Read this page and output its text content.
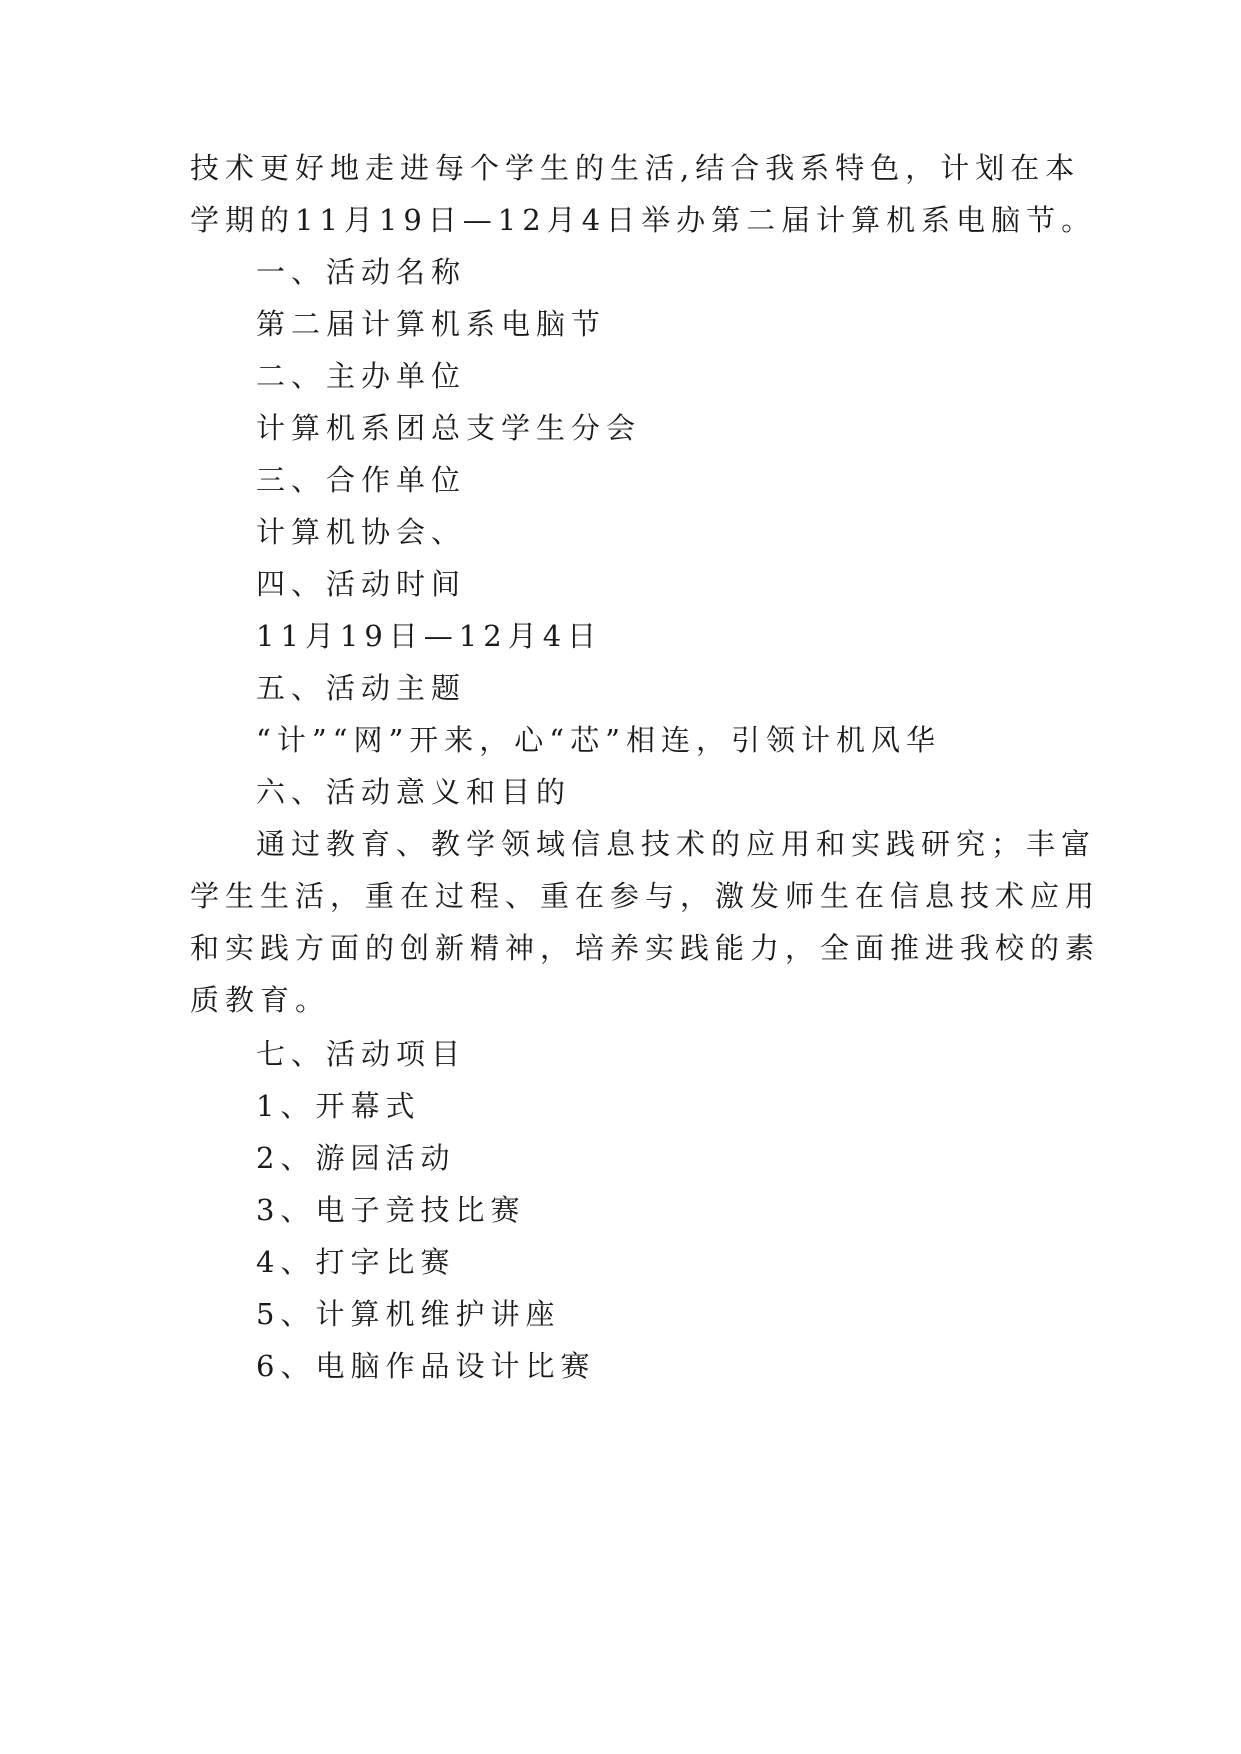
技术更好地走进每个学生的生活,结合我系特色，计划在本
学期的11月19日—12月4日举办第二届计算机系电脑节。
一、活动名称
第二届计算机系电脑节
二、主办单位
计算机系团总支学生分会
三、合作单位
计算机协会、
四、活动时间
11月19日—12月4日
五、活动主题
“计”“网”开来，心“芯”相连，引领计机风华
六、活动意义和目的
通过教育、教学领域信息技术的应用和实践研究；丰富
学生生活，重在过程、重在参与，激发师生在信息技术应用
和实践方面的创新精神，培养实践能力，全面推进我校的素
质教育。
七、活动项目
1、开幕式
2、游园活动
3、电子竞技比赛
4、打字比赛
5、计算机维护讲座
6、电脑作品设计比赛
